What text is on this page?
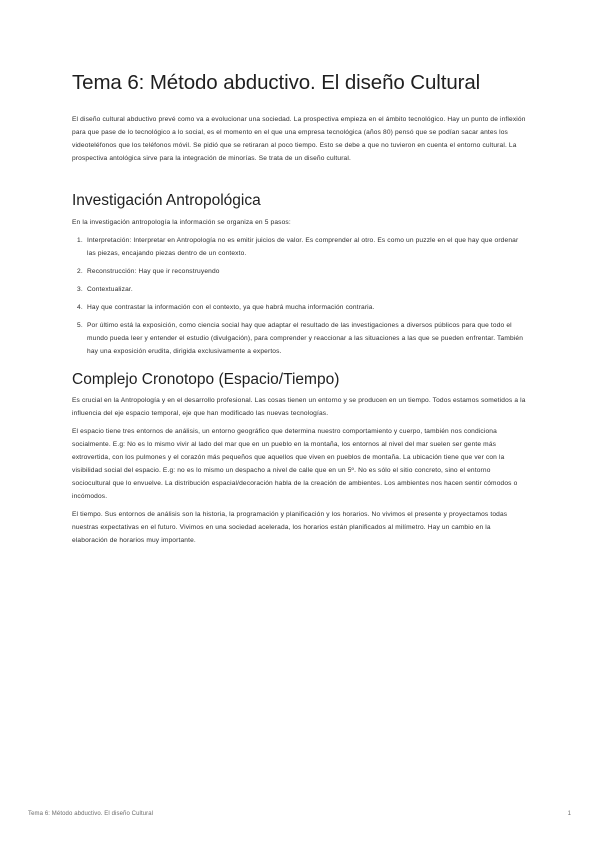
Tema 6: Método abductivo. El diseño Cultural

El diseño cultural abductivo prevé como va a evolucionar una sociedad. La prospectiva empieza en el ámbito tecnológico. Hay un punto de inflexión para que pase de lo tecnológico a lo social, es el momento en el que una empresa tecnológica (años 80) pensó que se podían sacar antes los videoteléfonos que los teléfonos móvil. Se pidió que se retiraran al poco tiempo. Esto se debe a que no tuvieron en cuenta el entorno cultural. La prospectiva antológica sirve para la integración de minorías. Se trata de un diseño cultural.

Investigación Antropológica

En la investigación antropología la información se organiza en 5 pasos:

1. Interpretación: Interpretar en Antropología no es emitir juicios de valor. Es comprender al otro. Es como un puzzle en el que hay que ordenar las piezas, encajando piezas dentro de un contexto.
2. Reconstrucción: Hay que ir reconstruyendo
3. Contextualizar.
4. Hay que contrastar la información con el contexto, ya que habrá mucha información contraria.
5. Por último está la exposición, como ciencia social hay que adaptar el resultado de las investigaciones a diversos públicos para que todo el mundo pueda leer y entender el estudio (divulgación), para comprender y reaccionar a las situaciones a las que se pueden enfrentar. También hay una exposición erudita, dirigida exclusivamente a expertos.
Complejo Cronotopo (Espacio/Tiempo)

Es crucial en la Antropología y en el desarrollo profesional. Las cosas tienen un entorno y se producen en un tiempo. Todos estamos sometidos a la influencia del eje espacio temporal, eje que han modificado las nuevas tecnologías.

El espacio tiene tres entornos de análisis, un entorno geográfico que determina nuestro comportamiento y cuerpo, también nos condiciona socialmente. E.g: No es lo mismo vivir al lado del mar que en un pueblo en la montaña, los entornos al nivel del mar suelen ser gente más extrovertida, con los pulmones y el corazón más pequeños que aquellos que viven en pueblos de montaña. La ubicación tiene que ver con la visibilidad social del espacio. E.g: no es lo mismo un despacho a nivel de calle que en un 5º. No es sólo el sitio concreto, sino el entorno sociocultural que lo envuelve. La distribución espacial/decoración habla de la creación de ambientes. Los ambientes nos hacen sentir cómodos o incómodos.

El tiempo. Sus entornos de análisis son la historia, la programación y planificación y los horarios. No vivimos el presente y proyectamos todas nuestras expectativas en el futuro. Vivimos en una sociedad acelerada, los horarios están planificados al milímetro. Hay un cambio en la elaboración de horarios muy importante.

Tema 6: Método abductivo. El diseño Cultural	1
